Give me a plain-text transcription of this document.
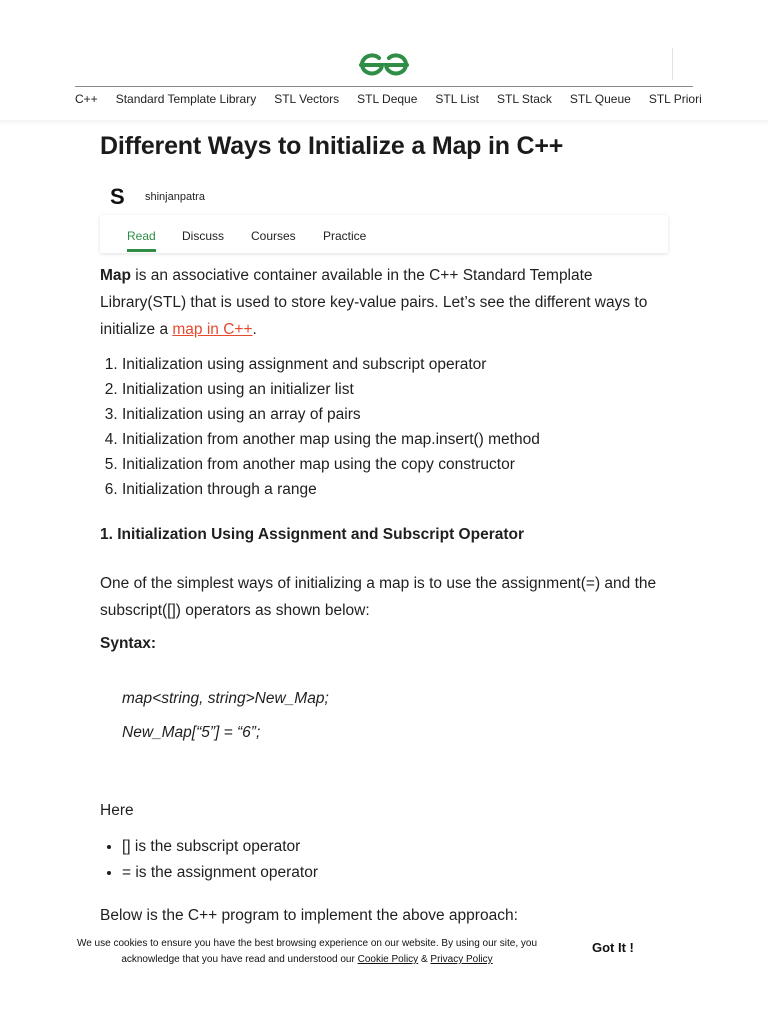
C++ Standard Template Library STL Vectors STL Deque STL List STL Stack STL Queue STL Priori
Different Ways to Initialize a Map in C++
S shinjanpatra
Read Discuss Courses Practice

Map is an associative container available in the C++ Standard Template Library(STL) that is used to store key-value pairs. Let’s see the different ways to initialize a map in C++.

1. Initialization using assignment and subscript operator
2. Initialization using an initializer list
3. Initialization using an array of pairs
4. Initialization from another map using the map.insert() method
5. Initialization from another map using the copy constructor
6. Initialization through a range
1. Initialization Using Assignment and Subscript Operator

One of the simplest ways of initializing a map is to use the assignment(=) and the subscript([]) operators as shown below:

Syntax:

map<string, string>New_Map;

New_Map[“5”] = “6”;

Here

• [] is the subscript operator
• = is the assignment operator

Below is the C++ program to implement the above approach:

We use cookies to ensure you have the best browsing experience on our website. By using our site, you acknowledge that you have read and understood our Cookie Policy & Privacy Policy
Got It !
